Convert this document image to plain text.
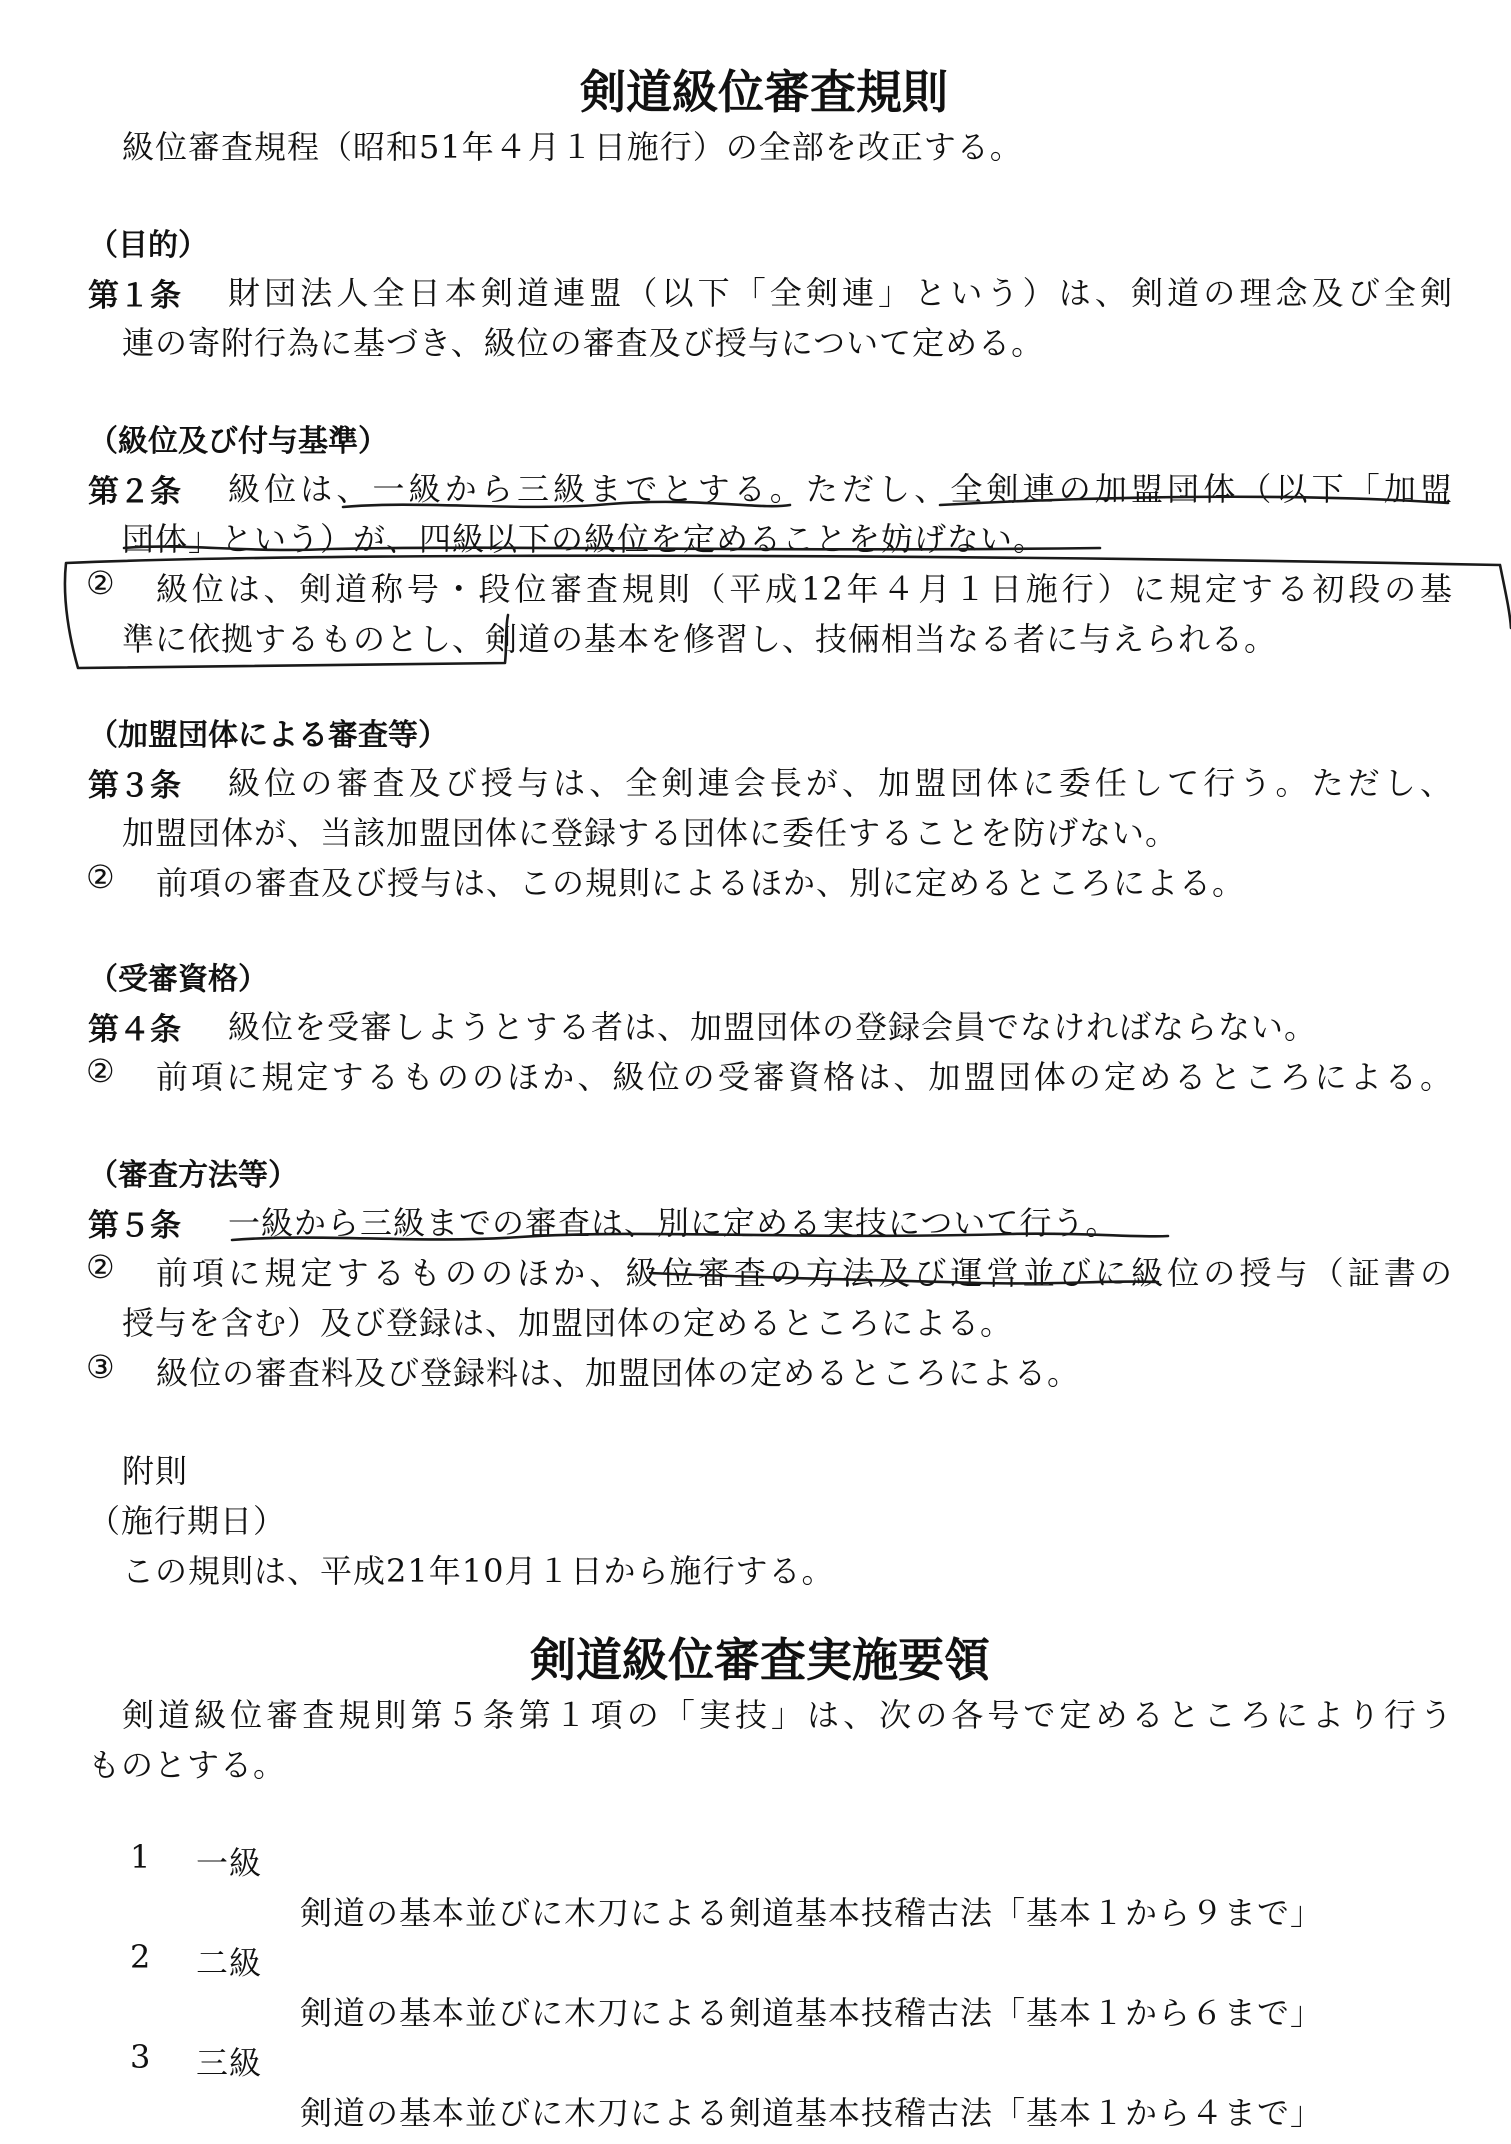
剣道級位審査規則
級位審査規程（昭和51年４月１日施行）の全部を改正する。
（目的）
第１条 財団法人全日本剣道連盟（以下「全剣連」という）は、剣道の理念及び全剣
連の寄附行為に基づき、級位の審査及び授与について定める。
（級位及び付与基準）
第２条 級位は、一級から三級までとする。ただし、全剣連の加盟団体（以下「加盟
団体」という）が、四級以下の級位を定めることを妨げない。
② 級位は、剣道称号・段位審査規則（平成12年４月１日施行）に規定する初段の基
準に依拠するものとし、剣道の基本を修習し、技倆相当なる者に与えられる。
（加盟団体による審査等）
第３条 級位の審査及び授与は、全剣連会長が、加盟団体に委任して行う。ただし、
加盟団体が、当該加盟団体に登録する団体に委任することを防げない。
② 前項の審査及び授与は、この規則によるほか、別に定めるところによる。
（受審資格）
第４条 級位を受審しようとする者は、加盟団体の登録会員でなければならない。
② 前項に規定するもののほか、級位の受審資格は、加盟団体の定めるところによる。
（審査方法等）
第５条 一級から三級までの審査は、別に定める実技について行う。
② 前項に規定するもののほか、級位審査の方法及び運営並びに級位の授与（証書の
授与を含む）及び登録は、加盟団体の定めるところによる。
③ 級位の審査料及び登録料は、加盟団体の定めるところによる。
附則
（施行期日）
この規則は、平成21年10月１日から施行する。
剣道級位審査実施要領
剣道級位審査規則第５条第１項の「実技」は、次の各号で定めるところにより行う
ものとする。
1 一級
剣道の基本並びに木刀による剣道基本技稽古法「基本１から９まで」
2 二級
剣道の基本並びに木刀による剣道基本技稽古法「基本１から６まで」
3 三級
剣道の基本並びに木刀による剣道基本技稽古法「基本１から４まで」
